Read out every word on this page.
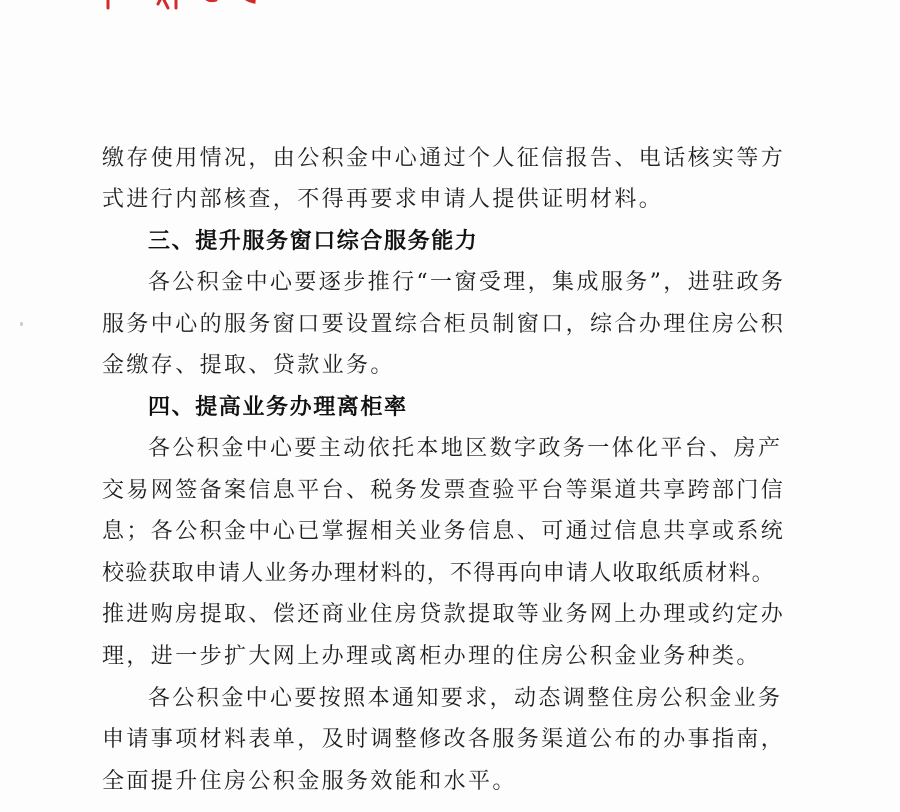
缴存使用情况，由公积金中心通过个人征信报告、电话核实等方
式进行内部核查，不得再要求申请人提供证明材料。
三、提升服务窗口综合服务能力
各公积金中心要逐步推行“一窗受理，集成服务”，进驻政务
服务中心的服务窗口要设置综合柜员制窗口，综合办理住房公积
金缴存、提取、贷款业务。
四、提高业务办理离柜率
各公积金中心要主动依托本地区数字政务一体化平台、房产
交易网签备案信息平台、税务发票查验平台等渠道共享跨部门信
息；各公积金中心已掌握相关业务信息、可通过信息共享或系统
校验获取申请人业务办理材料的，不得再向申请人收取纸质材料。
推进购房提取、偿还商业住房贷款提取等业务网上办理或约定办
理，进一步扩大网上办理或离柜办理的住房公积金业务种类。
各公积金中心要按照本通知要求，动态调整住房公积金业务
申请事项材料表单，及时调整修改各服务渠道公布的办事指南，
全面提升住房公积金服务效能和水平。
